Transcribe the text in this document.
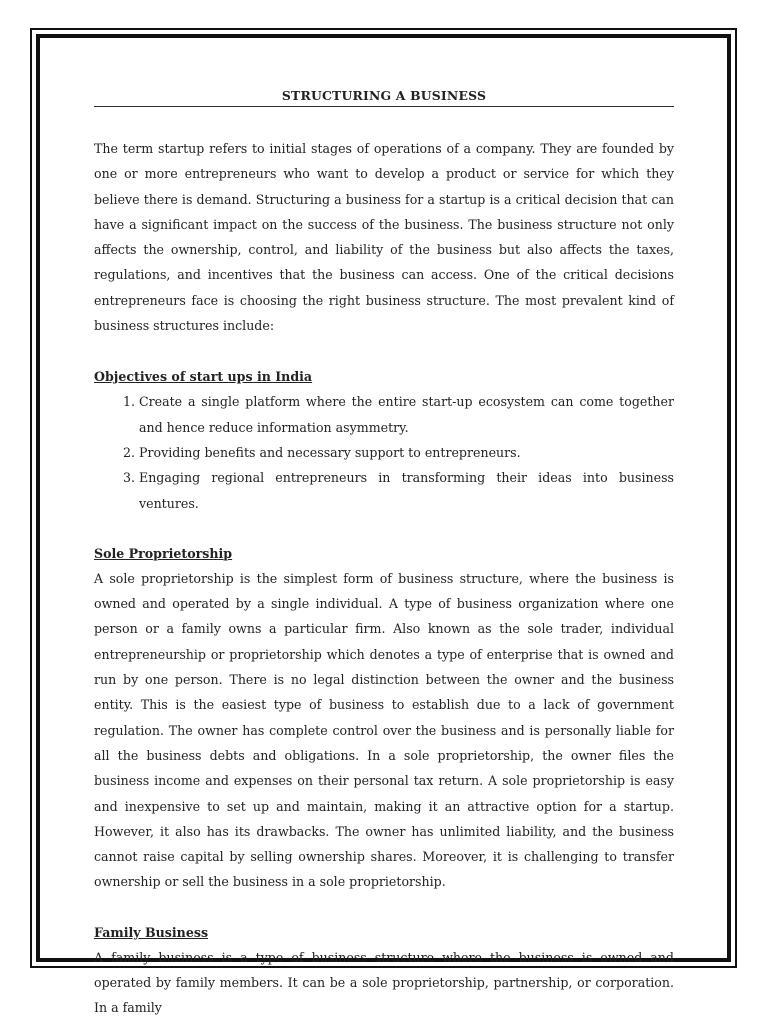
STRUCTURING A BUSINESS

The term startup refers to initial stages of operations of a company. They are founded by one or more entrepreneurs who want to develop a product or service for which they believe there is demand. Structuring a business for a startup is a critical decision that can have a significant impact on the success of the business. The business structure not only affects the ownership, control, and liability of the business but also affects the taxes, regulations, and incentives that the business can access. One of the critical decisions entrepreneurs face is choosing the right business structure. The most prevalent kind of business structures include:

Objectives of start ups in India
1. Create a single platform where the entire start-up ecosystem can come together and hence reduce information asymmetry.
2. Providing benefits and necessary support to entrepreneurs.
3. Engaging regional entrepreneurs in transforming their ideas into business ventures.
Sole Proprietorship

A sole proprietorship is the simplest form of business structure, where the business is owned and operated by a single individual. A type of business organization where one person or a family owns a particular firm. Also known as the sole trader, individual entrepreneurship or proprietorship which denotes a type of enterprise that is owned and run by one person. There is no legal distinction between the owner and the business entity. This is the easiest type of business to establish due to a lack of government regulation. The owner has complete control over the business and is personally liable for all the business debts and obligations. In a sole proprietorship, the owner files the business income and expenses on their personal tax return. A sole proprietorship is easy and inexpensive to set up and maintain, making it an attractive option for a startup. However, it also has its drawbacks. The owner has unlimited liability, and the business cannot raise capital by selling ownership shares. Moreover, it is challenging to transfer ownership or sell the business in a sole proprietorship.

Family Business

A family business is a type of business structure where the business is owned and operated by family members. It can be a sole proprietorship, partnership, or corporation. In a family
